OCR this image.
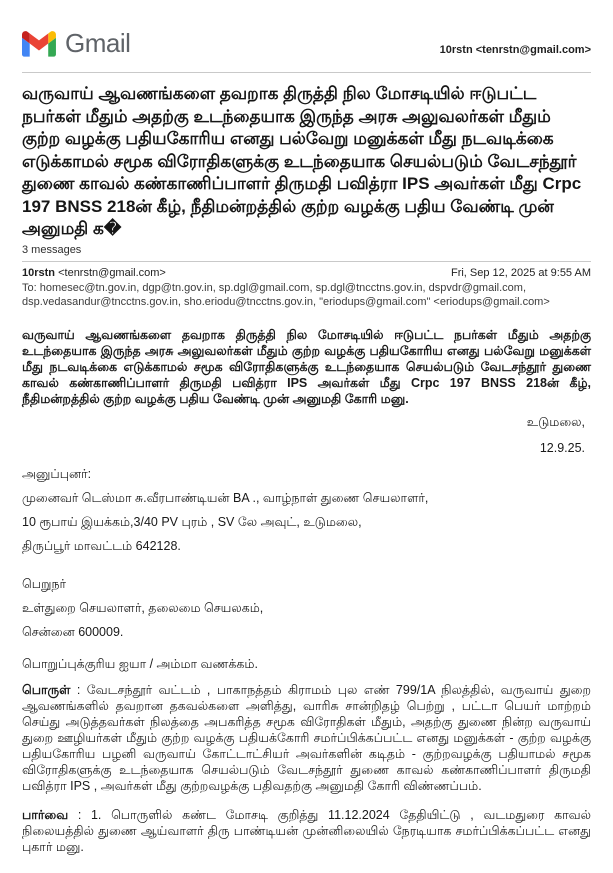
Gmail	10rstn <tenrstn@gmail.com>
வருவாய் ஆவணங்களை தவறாக திருத்தி நில மோசடியில் ஈடுபட்ட நபர்கள் மீதும் அதற்கு உடந்தையாக இருந்த அரசு அலுவலர்கள் மீதும் குற்ற வழக்கு பதியகோரிய எனது பல்வேறு மனுக்கள் மீது நடவடிக்கை எடுக்காமல் சமூக விரோதிகளுக்கு உடந்தையாக செயல்படும் வேடசந்தூர் துணை காவல் கண்காணிப்பாளர் திருமதி பவித்ரா IPS அவர்கள் மீது Crpc 197 BNSS 218ன் கீழ், நீதிமன்றத்தில் குற்ற வழக்கு பதிய வேண்டி முன் அனுமதி க�
3 messages
10rstn <tenrstn@gmail.com>	Fri, Sep 12, 2025 at 9:55 AM
To: homesec@tn.gov.in, dgp@tn.gov.in, sp.dgl@gmail.com, sp.dgl@tncctns.gov.in, dspvdr@gmail.com, dsp.vedasandur@tncctns.gov.in, sho.eriodu@tncctns.gov.in, "eriodups@gmail.com" <eriodups@gmail.com>

வருவாய் ஆவணங்களை தவறாக திருத்தி நில மோசடியில் ஈடுபட்ட நபர்கள் மீதும் அதற்கு உடந்தையாக இருந்த அரசு அலுவலர்கள் மீதும் குற்ற வழக்கு பதியகோரிய எனது பல்வேறு மனுக்கள் மீது நடவடிக்கை எடுக்காமல் சமூக விரோதிகளுக்கு உடந்தையாக செயல்படும் வேடசந்தூர் துணை காவல் கண்காணிப்பாளர் திருமதி பவித்ரா IPS அவர்கள் மீது Crpc 197 BNSS 218ன் கீழ், நீதிமன்றத்தில் குற்ற வழக்கு பதிய வேண்டி முன் அனுமதி கோரி மனு.

உடுமலை,
12.9.25.
அனுப்புனர்:
முனைவர் டெஸ்மா சு.வீரபாண்டியன் BA ., வாழ்நாள் துணை செயலாளர்,
10 ரூபாய் இயக்கம்,3/40 PV புரம் , SV லே அவுட், உடுமலை,
திருப்பூர் மாவட்டம் 642128.
பெறுநர்
உள்துறை செயலாளர், தலைமை செயலகம்,
சென்னை 600009.
பொறுப்புக்குரிய ஐயா / அம்மா வணக்கம்.

பொருள் : வேடசந்தூர் வட்டம் , பாகாநத்தம் கிராமம் புல எண் 799/1A நிலத்தில், வருவாய் துறை ஆவணங்களில் தவறான தகவல்களை அளித்து, வாரிசு சான்றிதழ் பெற்று , பட்டா பெயர் மாற்றம் செய்து அடுத்தவர்கள் நிலத்தை அபகரித்த சமூக விரோதிகள் மீதும், அதற்கு துணை நின்ற வருவாய் துறை ஊழியர்கள் மீதும் குற்ற வழக்கு பதியக்கோரி சமர்ப்பிக்கப்பட்ட எனது மனுக்கள் - குற்ற வழக்கு பதியகோரிய பழனி வருவாய் கோட்டாட்சியர் அவர்களின் கடிதம் - குற்றவழக்கு பதியாமல் சமூக விரோதிகளுக்கு உடந்தையாக செயல்படும் வேடசந்தூர் துணை காவல் கண்காணிப்பாளர் திருமதி பவித்ரா IPS , அவர்கள் மீது குற்றவழக்கு பதிவதற்கு அனுமதி கோரி விண்ணப்பம்.

பார்வை : 1. பொருளில் கண்ட மோசடி குறித்து 11.12.2024 தேதியிட்டு , வடமதுரை காவல் நிலையத்தில் துணை ஆய்வாளர் திரு பாண்டியன் முன்னிலையில் நேரடியாக சமர்ப்பிக்கப்பட்ட எனது புகார் மனு.
